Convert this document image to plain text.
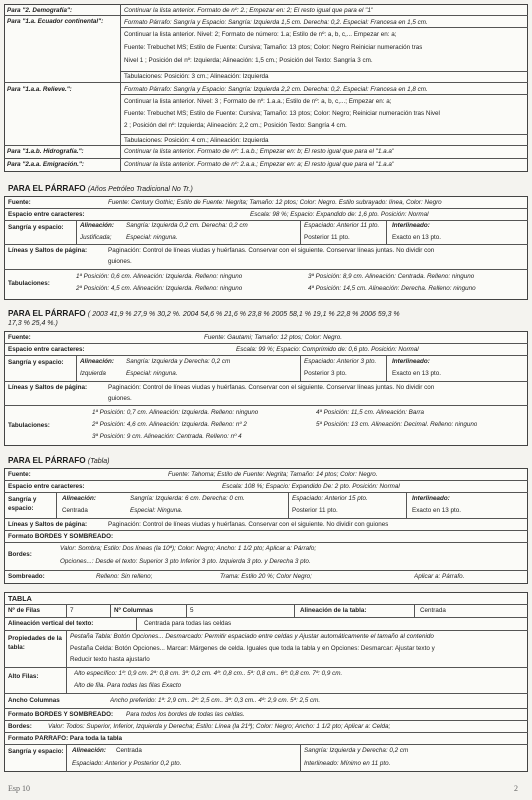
Para "2. Demografía":	Continuar la lista anterior. Formato de nº: 2.; Empezar en: 2; El resto igual que para el "1"
Para "1.a. Ecuador continental":	Formato Párrafo: Sangría y Espacio: Sangría: Izquierda 1,5 cm. Derecha: 0,2. Especial: Francesa en 1,5 cm.
Continuar la lista anterior. Nivel: 2; Formato de número: 1.a; Estilo de nº: a, b, c,... Empezar en: a;
Fuente: Trebuchet MS; Estilo de Fuente: Cursiva; Tamaño: 13 ptos; Color: Negro Reiniciar numeración tras
Nivel 1 ; Posición del nº: Izquierda; Alineación: 1,5 cm.; Posición del Texto: Sangría 3 cm.
Tabulaciones: Posición: 3 cm.; Alineación: Izquierda
Para "1.a.a. Relieve.":	Formato Párrafo: Sangría y Espacio: Sangría: Izquierda 2,2 cm. Derecha: 0,2. Especial: Francesa en 1,8 cm.
Continuar la lista anterior. Nivel: 3 ; Formato de nº: 1.a.a.; Estilo de nº: a, b, c,...; Empezar en: a;
Fuente: Trebuchet MS; Estilo de Fuente: Cursiva; Tamaño: 13 ptos; Color: Negro; Reiniciar numeración tras Nivel
2 ; Posición del nº: Izquierda; Alineación: 2,2 cm.; Posición Texto: Sangría 4 cm.
Tabulaciones: Posición: 4 cm.; Alineación: Izquierda
Para "1.a.b. Hidrografía.":	Continuar la lista anterior. Formato de nº: 1.a.b.; Empezar en: b; El resto igual que para el "1.a.a"
Para "2.a.a. Emigración.":	Continuar la lista anterior. Formato de nº: 2.a.a.; Empezar en: a; El resto igual que para el "1.a.a"
PARA EL PÁRRAFO (Años Petróleo Tradicional No Tr.)
Fuente:	Fuente: Century Gothic; Estilo de Fuente: Negrita; Tamaño: 12 ptos; Color: Negro. Estilo subrayado: línea, Color: Negro
Espacio entre caracteres:	Escala: 98 %; Espacio: Expandido de: 1,6 pto. Posición: Normal
Sangría y espacio:	Alineación:
Justificada;
Sangría: Izquierda 0,2 cm. Derecha: 0,2 cm
Especial: ninguna.
Espaciado: Anterior 11 pto.
Posterior 11 pto.
Interlineado:
Exacto en 13 pto.
Líneas y Saltos de página:	Paginación: Control de líneas viudas y huérfanas. Conservar con el siguiente. Conservar líneas juntas. No dividir con
guiones.
Tabulaciones:
1ª Posición: 0,6 cm. Alineación: Izquierda. Relleno: ninguno
2ª Posición: 4,5 cm. Alineación: Izquierda. Relleno: ninguno
3ª Posición: 8,9 cm. Alineación: Centrada. Relleno: ninguno
4ª Posición: 14,5 cm. Alineación: Derecha. Relleno: ninguno
PARA EL PÁRRAFO ( 2003 41,9 % 27,9 % 30,2 %. 2004 54,6 % 21,6 % 23,8 % 2005 58,1 % 19,1 % 22,8 % 2006 59,3 %
17,3 % 25,4 %.)
Fuente:	Fuente: Gautami; Tamaño: 12 ptos; Color: Negro.
Espacio entre caracteres:	Escala: 99 %; Espacio: Comprimido de: 0,6 pto. Posición: Normal
Sangría y espacio:	Alineación:
Izquierda
Sangría: Izquierda y Derecha: 0,2 cm
Especial: ninguna.
Espaciado: Anterior 3 pto.
Posterior 3 pto.
Interlineado:
Exacto en 13 pto.
Líneas y Saltos de página:	Paginación: Control de líneas viudas y huérfanas. Conservar con el siguiente. Conservar líneas juntas. No dividir con
guiones.
Tabulaciones:
1ª Posición: 0,7 cm. Alineación: Izquierda. Relleno: ninguno
2ª Posición: 4,6 cm. Alineación: Izquierda. Relleno: nº 2
3ª Posición: 9 cm. Alineación: Centrada. Relleno: nº 4
4ª Posición: 11,5 cm. Alineación: Barra
5ª Posición: 13 cm. Alineación: Decimal. Relleno: ninguno
PARA EL PÁRRAFO (Tabla)
Fuente:	Fuente: Tahoma; Estilo de Fuente: Negrita; Tamaño: 14 ptos; Color: Negro.
Espacio entre caracteres:	Escala: 108 %; Espacio: Expandido De: 2 pto. Posición: Normal
Sangría y espacio:
Alineación:
Centrada
Sangría: Izquierda: 6 cm. Derecha: 0 cm.
Especial: Ninguna.
Espaciado: Anterior 15 pto.
Posterior 11 pto.
Interlineado:
Exacto en 13 pto.
Líneas y Saltos de página:	Paginación: Control de líneas viudas y huérfanas. Conservar con el siguiente. No dividir con guiones
Formato BORDES Y SOMBREADO:
Bordes:
Valor: Sombra; Estilo: Dos líneas (la 10ª); Color: Negro; Ancho: 1 1/2 pto; Aplicar a: Párrafo;
Opciones...: Desde el texto: Superior 3 pto Inferior 3 pto. Izquierda 3 pto. y Derecha 3 pto.
Sombreado:	Relleno: Sin relleno;	Trama: Estilo 20 %; Color Negro;	Aplicar a: Párrafo.
TABLA
Nº de Filas	7	Nº Columnas	5	Alineación de la tabla:	Centrada
Alineación vertical del texto:	Centrada para todas las celdas
Propiedades de la tabla:
Pestaña Tabla: Botón Opciones... Desmarcado: Permitir espaciado entre celdas y Ajustar automáticamente el tamaño al contenido
Pestaña Celda: Botón Opciones... Marcar: Márgenes de celda. Iguales que toda la tabla y en Opciones: Desmarcar: Ajustar texto y
Reducir texto hasta ajustarlo
Alto Filas:	Alto específico: 1ª: 0,9 cm. 2ª: 0,8 cm. 3ª: 0,2 cm. 4ª: 0,8 cm.. 5ª: 0,8 cm.. 6ª: 0,8 cm. 7ª: 0,9 cm.
Alto de fila. Para todas las filas Exacto
Ancho Columnas	Ancho preferido: 1ª: 2,9 cm.. 2ª: 2,5 cm.. 3ª: 0,3 cm.. 4ª: 2,9 cm. 5ª: 2,5 cm.
Formato BORDES Y SOMBREADO: Para todos los bordes de todas las celdas.
Bordes:	Valor: Todos: Superior, Inferior, Izquierda y Derecha; Estilo: Línea (la 21ª); Color: Negro; Ancho: 1 1/2 pto; Aplicar a: Celda;
Formato PÁRRAFO: Para toda la tabla
Sangría y espacio: Alineación: Centrada
Espaciado: Anterior y Posterior 0,2 pto.
Sangría: Izquierda y Derecha: 0,2 cm
Interlineado: Mínimo en 11 pto.
Esp 10	2
